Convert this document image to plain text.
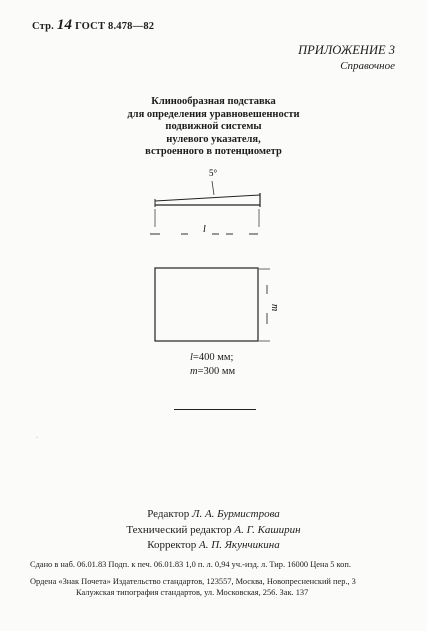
Стр. 14 ГОСТ 8.478—82
ПРИЛОЖЕНИЕ 3
Справочное
Клинообразная подставка
для определения уравновешенности
подвижной системы
нулевого указателя,
встроенного в потенциометр
5°
l
m
l=400 мм;
m=300 мм
·
Редактор Л. А. Бурмистрова
Технический редактор А. Г. Каширин
Корректор А. П. Якунчикина
Сдано в наб. 06.01.83 Подп. к печ. 06.01.83 1,0 п. л. 0,94 уч.-изд. л. Тир. 16000 Цена 5 коп.
Ордена «Знак Почета» Издательство стандартов, 123557, Москва, Новопресненский пер., 3
Калужская типография стандартов, ул. Московская, 256. Зак. 137
